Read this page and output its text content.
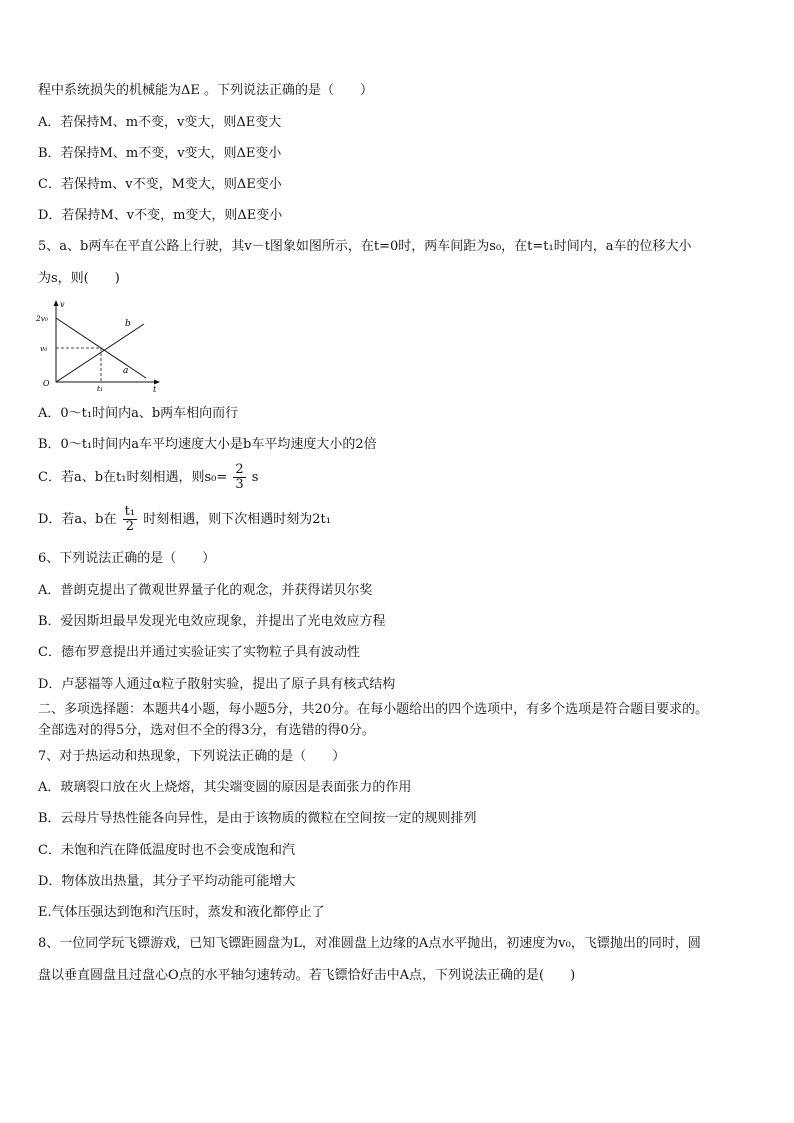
程中系统损失的机械能为ΔE 。下列说法正确的是（　　）
A．若保持M、m不变，v变大，则ΔE变大
B．若保持M、m不变，v变大，则ΔE变小
C．若保持m、v不变，M变大，则ΔE变小
D．若保持M、v不变，m变大，则ΔE变小
5、a、b两车在平直公路上行驶，其v－t图象如图所示，在t=0时，两车间距为s₀，在t=t₁时间内，a车的位移大小
为s，则(　　)
v
2v₀
v₀
O
t₁	t
a
b
A．0～t₁时间内a、b两车相向而行
B．0～t₁时间内a车平均速度大小是b车平均速度大小的2倍
C．若a、b在t₁时刻相遇，则$s_0= \frac{2}{3}$ s
D．若a、b在 $\frac{\text{t₁}}{2}$ 时刻相遇，则下次相遇时刻为2t₁
6、下列说法正确的是（　　）
A．普朗克提出了微观世界量子化的观念，并获得诺贝尔奖
B．爱因斯坦最早发现光电效应现象，并提出了光电效应方程
C．德布罗意提出并通过实验证实了实物粒子具有波动性
D．卢瑟福等人通过α粒子散射实验，提出了原子具有核式结构
二、多项选择题：本题共4小题，每小题5分，共20分。在每小题给出的四个选项中，有多个选项是符合题目要求的。
全部选对的得5分，选对但不全的得3分，有选错的得0分。
7、对于热运动和热现象，下列说法正确的是（　　）
A．玻璃裂口放在火上烧熔，其尖端变圆的原因是表面张力的作用
B．云母片导热性能各向异性，是由于该物质的微粒在空间按一定的规则排列
C．未饱和汽在降低温度时也不会变成饱和汽
D．物体放出热量，其分子平均动能可能增大
E.气体压强达到饱和汽压时，蒸发和液化都停止了
8、一位同学玩飞镖游戏，已知飞镖距圆盘为L，对准圆盘上边缘的A点水平抛出，初速度为v₀，飞镖抛出的同时，圆
盘以垂直圆盘且过盘心O点的水平轴匀速转动。若飞镖恰好击中A点，下列说法正确的是(　　)
